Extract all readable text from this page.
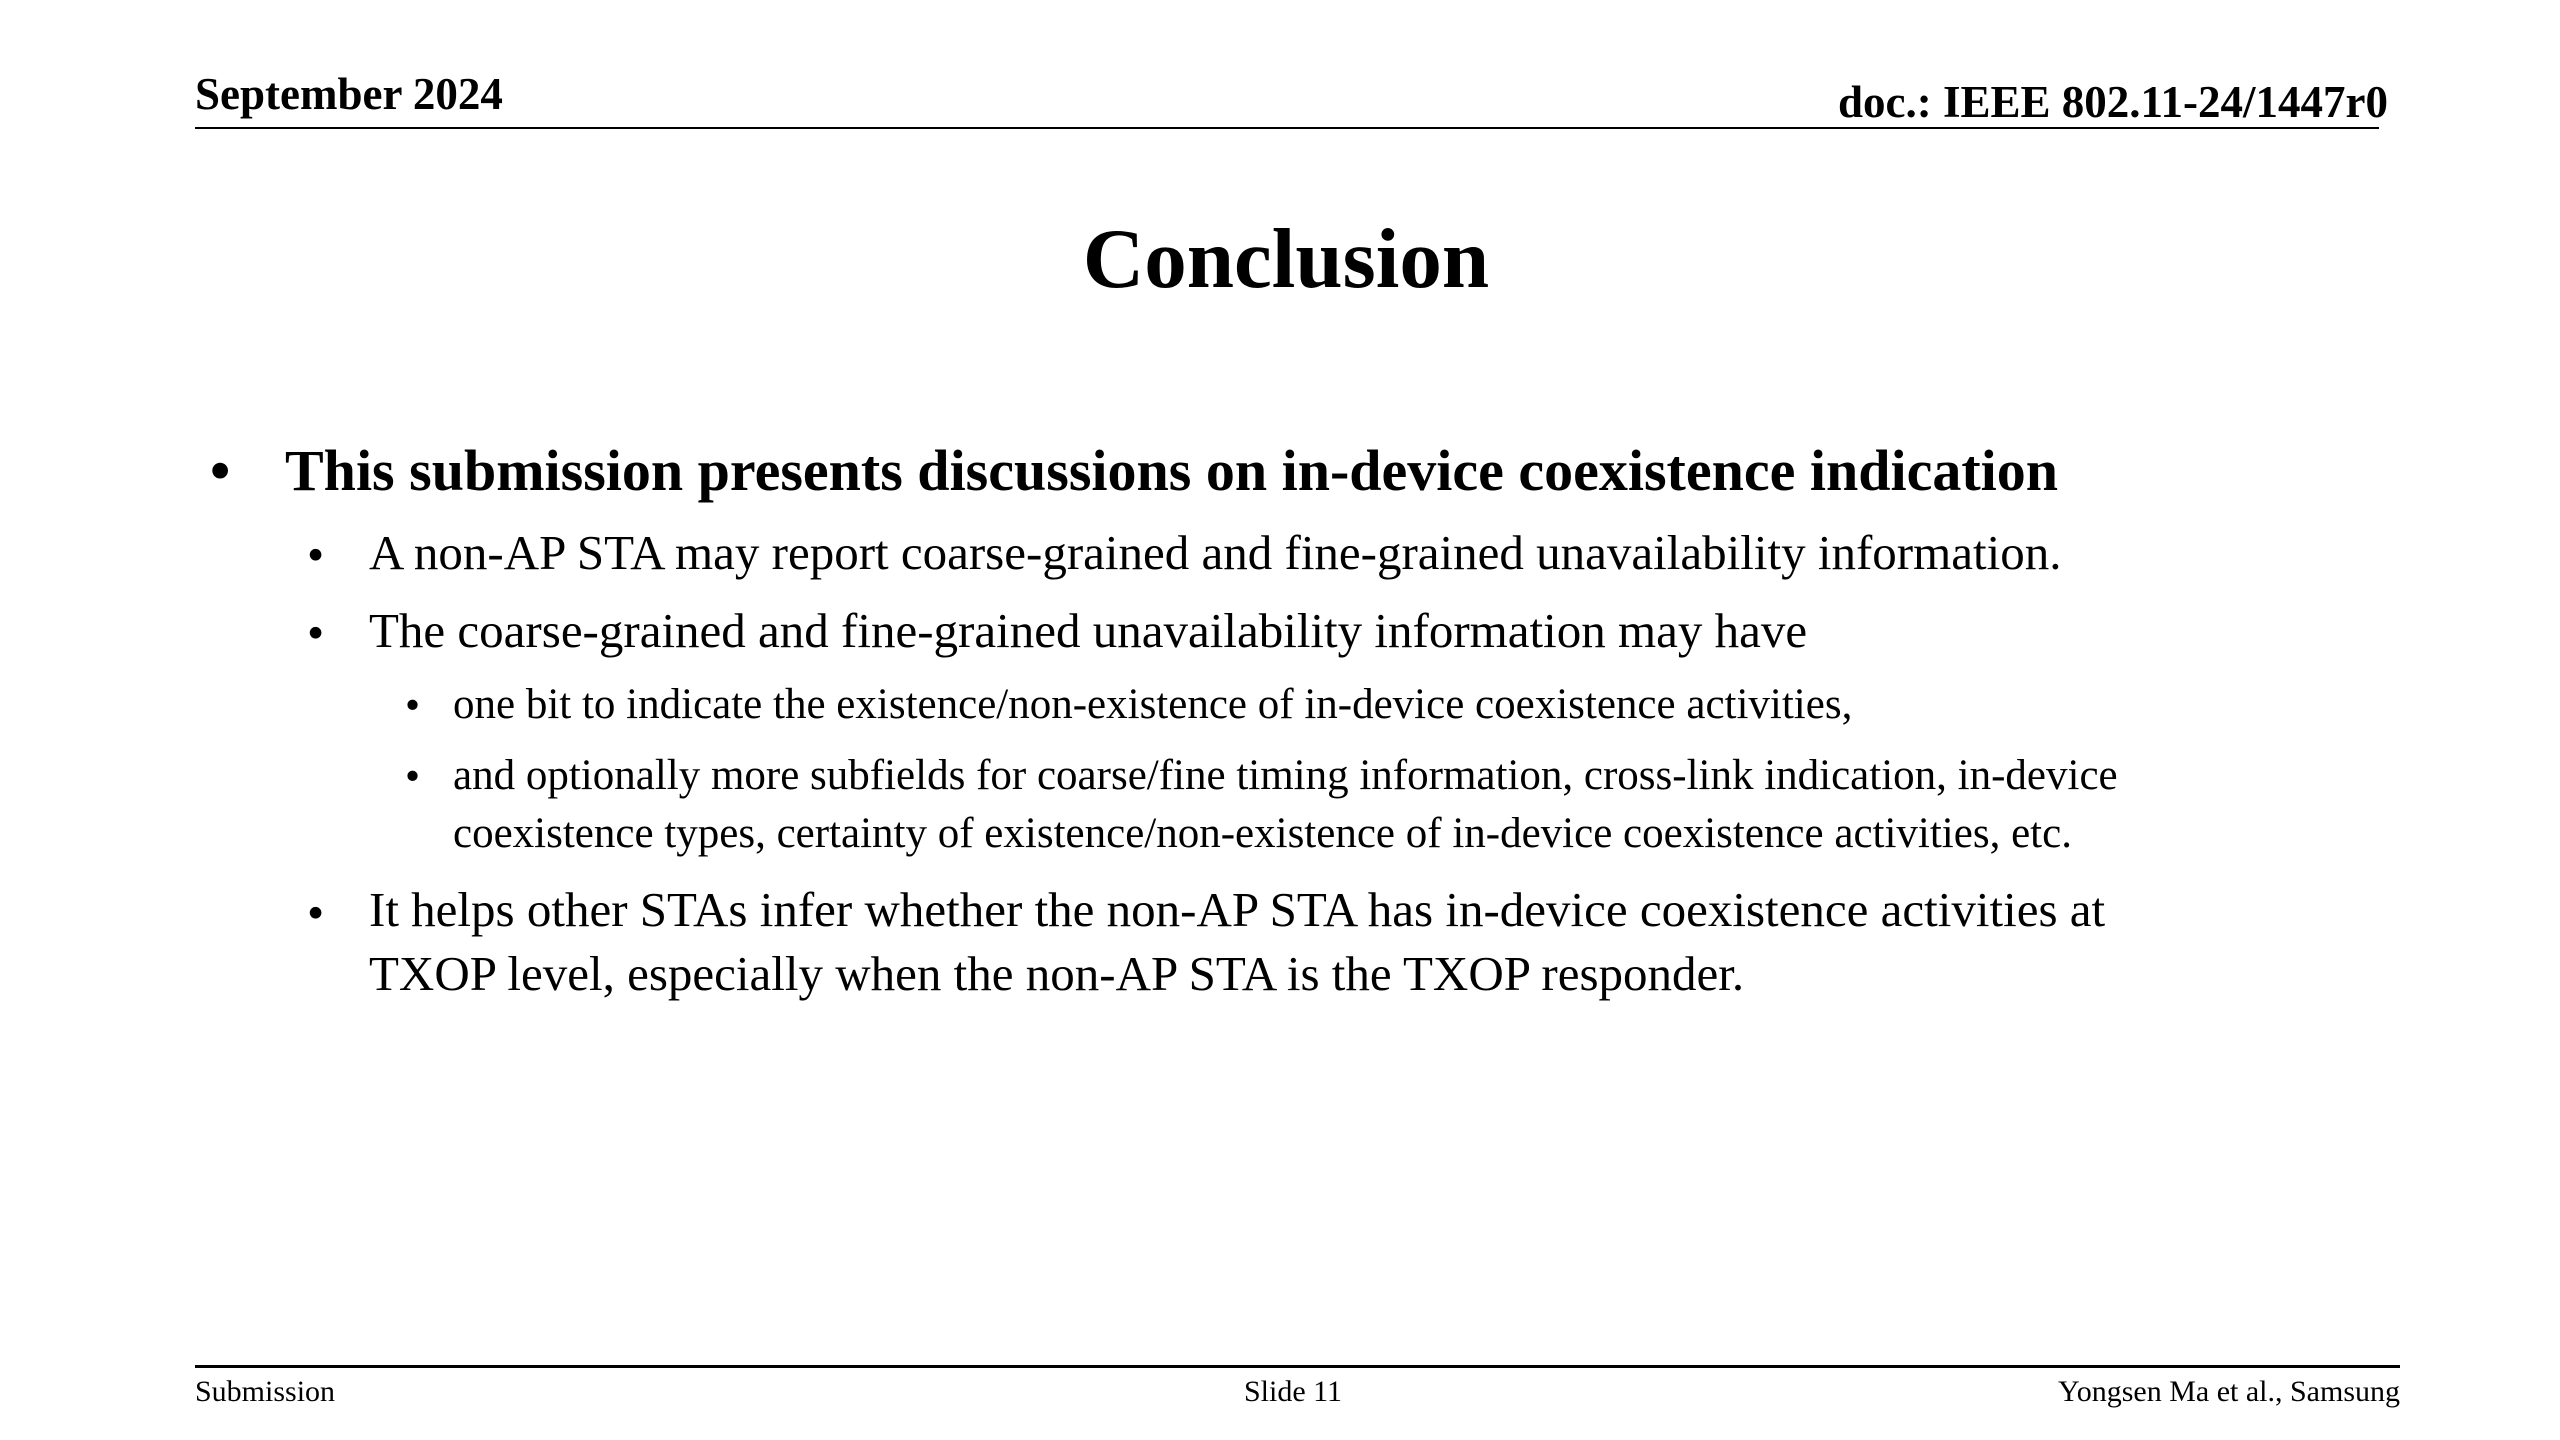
September 2024	doc.: IEEE 802.11-24/1447r0
Conclusion
• This submission presents discussions on in-device coexistence indication
• A non-AP STA may report coarse-grained and fine-grained unavailability information.
• The coarse-grained and fine-grained unavailability information may have
• one bit to indicate the existence/non-existence of in-device coexistence activities,
• and optionally more subfields for coarse/fine timing information, cross-link indication, in-device
coexistence types, certainty of existence/non-existence of in-device coexistence activities, etc.
• It helps other STAs infer whether the non-AP STA has in-device coexistence activities at
TXOP level, especially when the non-AP STA is the TXOP responder.
Submission	Slide 11	Yongsen Ma et al., Samsung
